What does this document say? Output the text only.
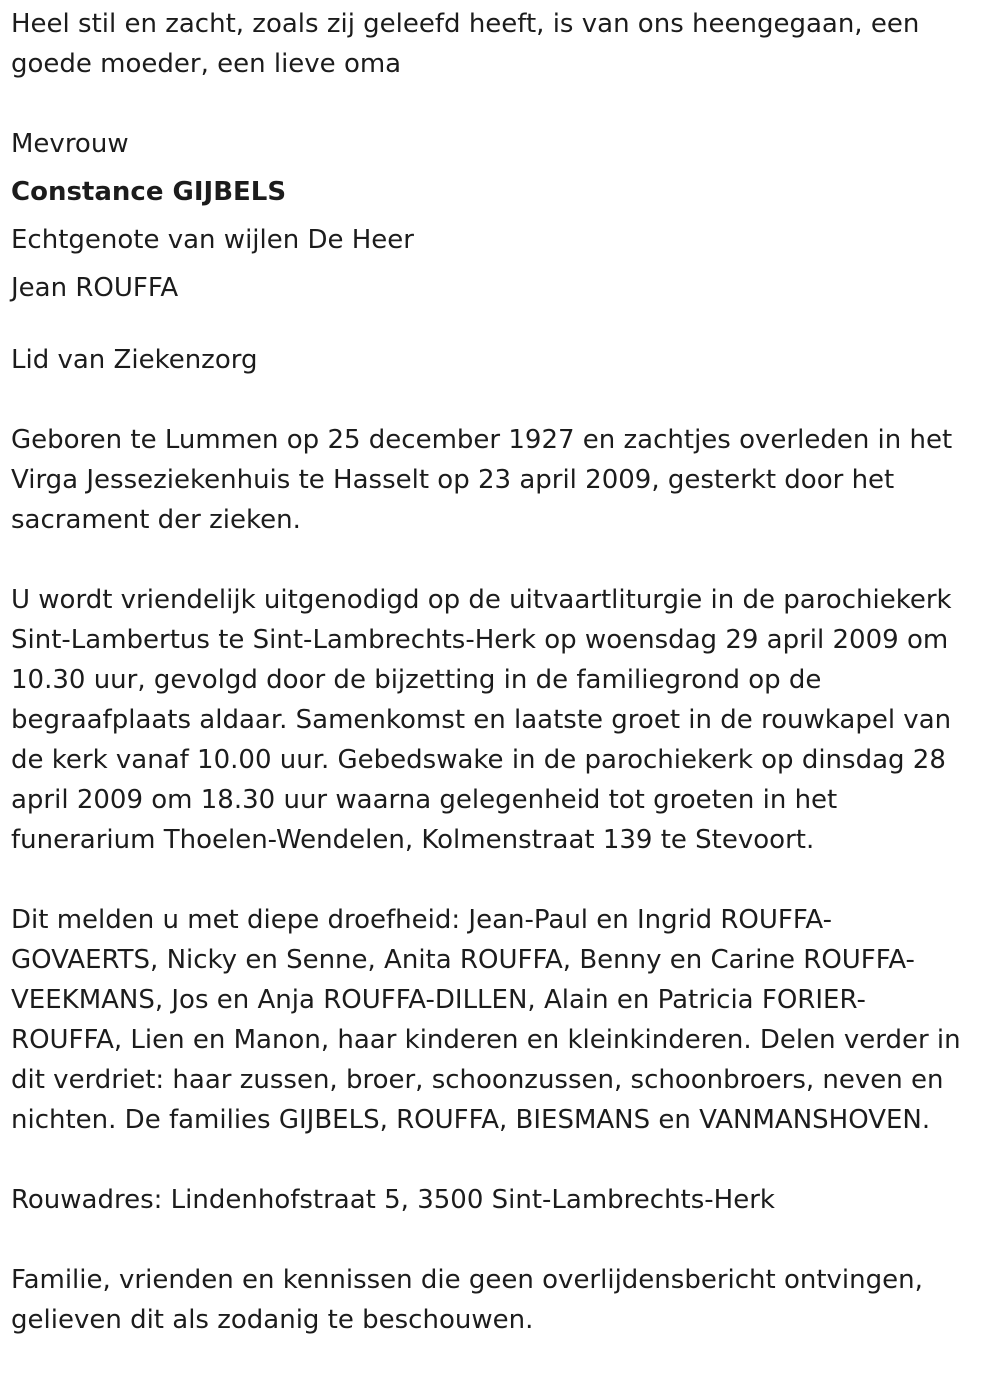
Heel stil en zacht, zoals zij geleefd heeft, is van ons heengegaan, een
goede moeder, een lieve oma
Mevrouw
Constance GIJBELS
Echtgenote van wijlen De Heer
Jean ROUFFA
Lid van Ziekenzorg
Geboren te Lummen op 25 december 1927 en zachtjes overleden in het
Virga Jesseziekenhuis te Hasselt op 23 april 2009, gesterkt door het
sacrament der zieken.
U wordt vriendelijk uitgenodigd op de uitvaartliturgie in de parochiekerk
Sint-Lambertus te Sint-Lambrechts-Herk op woensdag 29 april 2009 om
10.30 uur, gevolgd door de bijzetting in de familiegrond op de
begraafplaats aldaar. Samenkomst en laatste groet in de rouwkapel van
de kerk vanaf 10.00 uur. Gebedswake in de parochiekerk op dinsdag 28
april 2009 om 18.30 uur waarna gelegenheid tot groeten in het
funerarium Thoelen-Wendelen, Kolmenstraat 139 te Stevoort.
Dit melden u met diepe droefheid: Jean-Paul en Ingrid ROUFFA-
GOVAERTS, Nicky en Senne, Anita ROUFFA, Benny en Carine ROUFFA-
VEEKMANS, Jos en Anja ROUFFA-DILLEN, Alain en Patricia FORIER-
ROUFFA, Lien en Manon, haar kinderen en kleinkinderen. Delen verder in
dit verdriet: haar zussen, broer, schoonzussen, schoonbroers, neven en
nichten. De families GIJBELS, ROUFFA, BIESMANS en VANMANSHOVEN.
Rouwadres: Lindenhofstraat 5, 3500 Sint-Lambrechts-Herk
Familie, vrienden en kennissen die geen overlijdensbericht ontvingen,
gelieven dit als zodanig te beschouwen.
